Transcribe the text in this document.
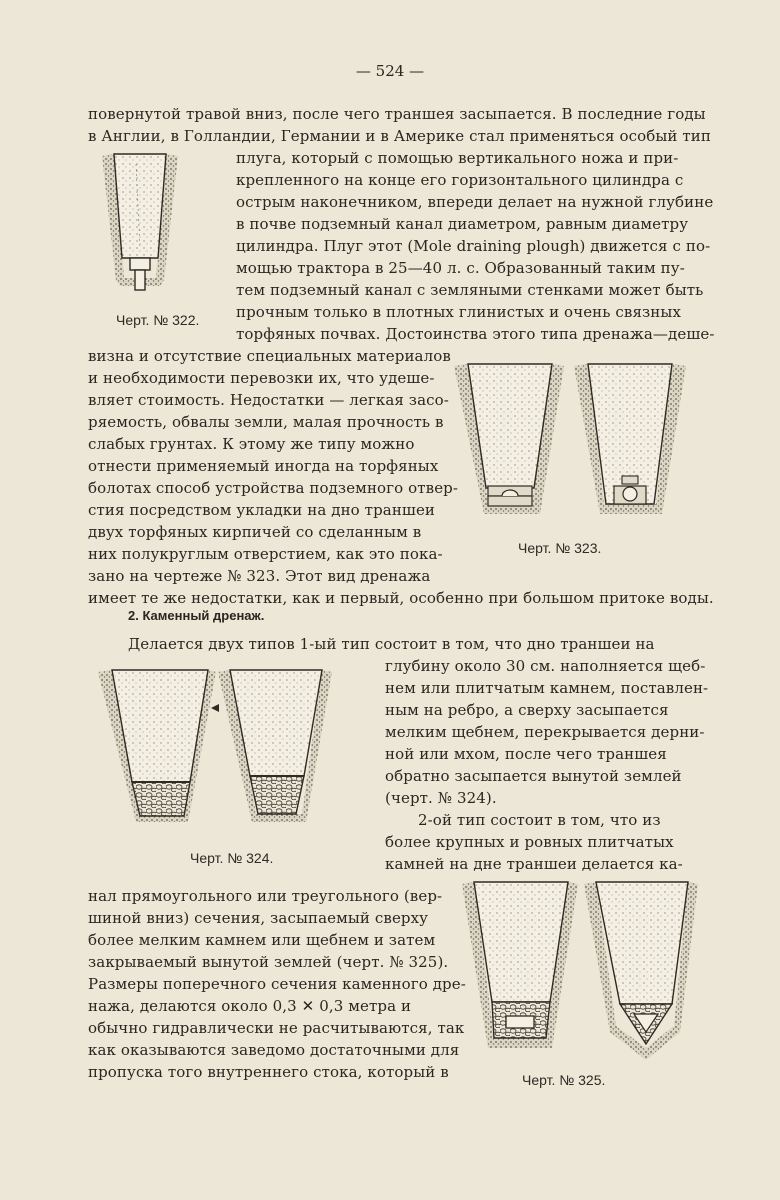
— 524 —
повернутой травой вниз, после чего траншея засыпается. В последние годы
в Англии, в Голландии, Германии и в Америке стал применяться особый тип
плуга, который с помощью вертикального ножа и при-
крепленного на конце его горизонтального цилиндра с
острым наконечником, впереди делает на нужной глубине
в почве подземный канал диаметром, равным диаметру
цилиндра. Плуг этот (Mole draining plough) движется с по-
мощью трактора в 25—40 л. с. Образованный таким пу-
тем подземный канал с земляными стенками может быть
прочным только в плотных глинистых и очень связных
торфяных почвах. Достоинства этого типа дренажа—деше-
визна и отсутствие специальных материалов
и необходимости перевозки их, что удеше-
вляет стоимость. Недостатки — легкая засо-
ряемость, обвалы земли, малая прочность в
слабых грунтах. К этому же типу можно
отнести применяемый иногда на торфяных
болотах способ устройства подземного отвер-
стия посредством укладки на дно траншеи
двух торфяных кирпичей со сделанным в
них полукруглым отверстием, как это пока-
зано на чертеже № 323. Этот вид дренажа
имеет те же недостатки, как и первый, особенно при большом притоке воды.
2. Каменный дренаж.
Делается двух типов 1-ый тип состоит в том, что дно траншеи на
глубину около 30 см. наполняется щеб-
нем или плитчатым камнем, поставлен-
ным на ребро, а сверху засыпается
мелким щебнем, перекрывается дерни-
ной или мхом, после чего траншея
обратно засыпается вынутой землей
(черт. № 324).
2-ой тип состоит в том, что из
более крупных и ровных плитчатых
камней на дне траншеи делается ка-
нал прямоугольного или треугольного (вер-
шиной вниз) сечения, засыпаемый сверху
более мелким камнем или щебнем и затем
закрываемый вынутой землей (черт. № 325).
Размеры поперечного сечения каменного дре-
нажа, делаются около 0,3 ✕ 0,3 метра и
обычно гидравлически не расчитываются, так
как оказываются заведомо достаточными для
пропуска того внутреннего стока, который в
Черт. № 322.
Черт. № 323.
Черт. № 324.
Черт. № 325.
